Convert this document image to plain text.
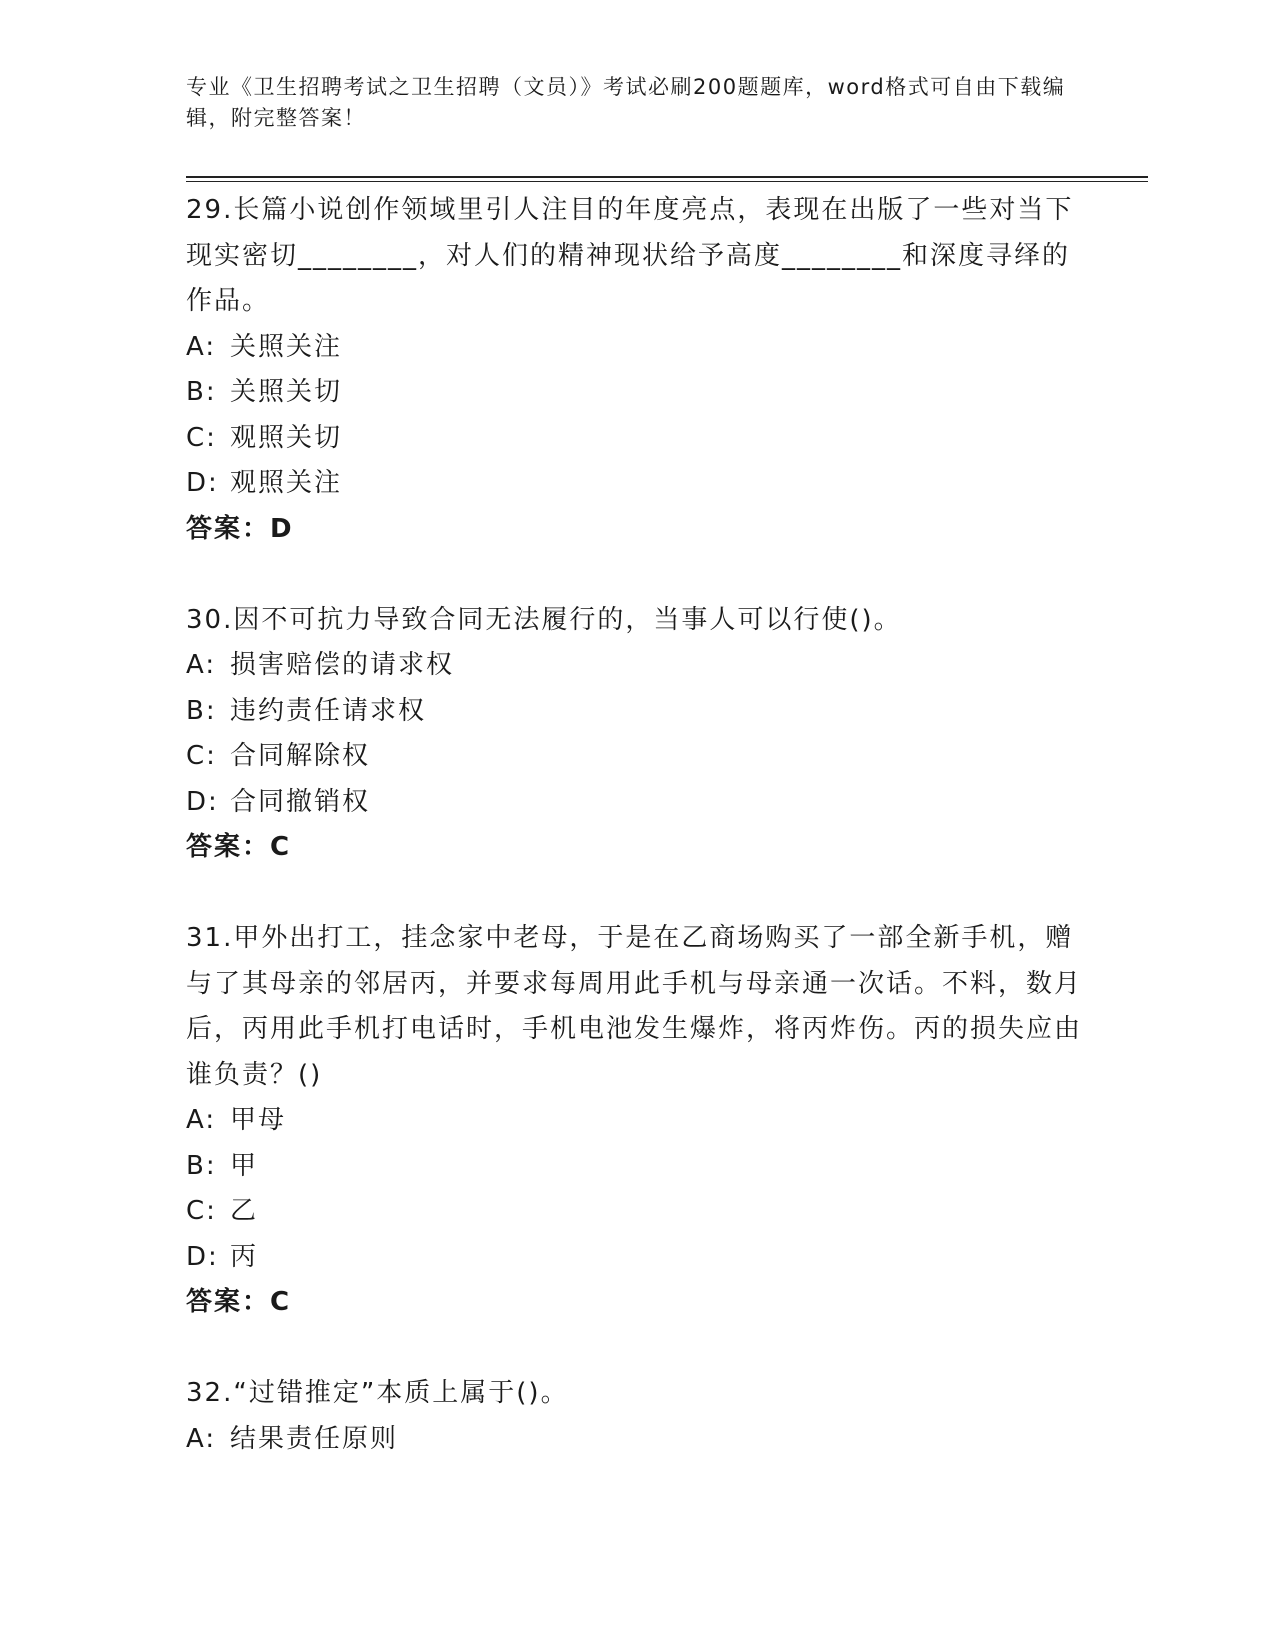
专业《卫生招聘考试之卫生招聘（文员）》考试必刷200题题库，word格式可自由下载编辑，附完整答案！

29.长篇小说创作领域里引人注目的年度亮点，表现在出版了一些对当下现实密切________，对人们的精神现状给予高度________和深度寻绎的作品。

A: 关照关注

B: 关照关切

C: 观照关切

D: 观照关注

答案：D

30.因不可抗力导致合同无法履行的，当事人可以行使()。

A: 损害赔偿的请求权

B: 违约责任请求权

C: 合同解除权

D: 合同撤销权

答案：C

31.甲外出打工，挂念家中老母，于是在乙商场购买了一部全新手机，赠与了其母亲的邻居丙，并要求每周用此手机与母亲通一次话。不料，数月后，丙用此手机打电话时，手机电池发生爆炸，将丙炸伤。丙的损失应由谁负责？()

A: 甲母

B: 甲

C: 乙

D: 丙

答案：C

32.“过错推定”本质上属于()。

A: 结果责任原则
